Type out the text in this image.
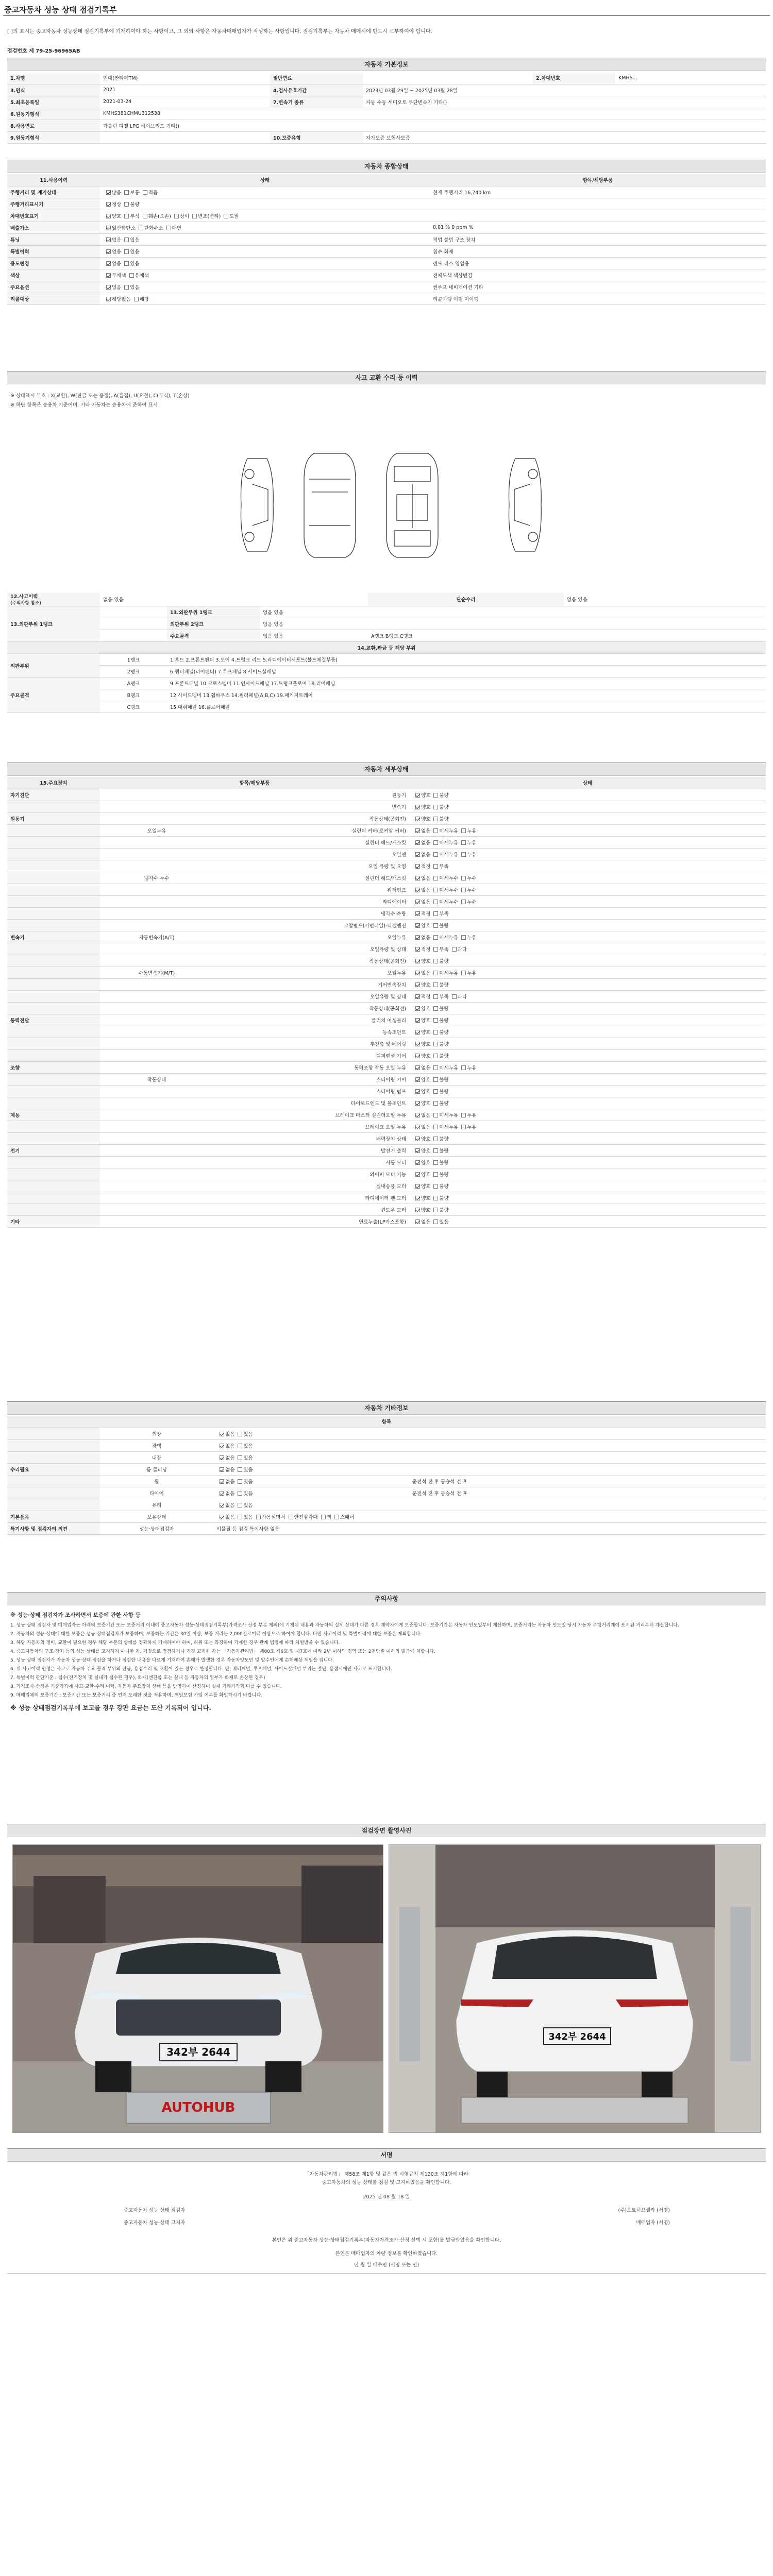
중고자동차 성능 상태 점검기록부
[ ]의 표시는 중고자동차 성능상태 점검기록부에 기재하여야 하는 사항이고, 그 외의 사항은 자동차매매업자가 작성하는 사항입니다. 점검기록부는 자동차 매매시에 반드시 교부하여야 합니다.
점검번호 제 79-25-96965AB
자동차 기본정보
1.차명	현대(싼타페TM)	일반연료		2.차대번호	KMHS...
3.연식	2021	4.검사유효기간	2023년 03월 29일 ~ 2025년 03월 28일		
5.최초등록일	2021-03-24	7.변속기 종류	자동 수동 세미오토 무단변속기 기타()		
6.원동기형식	KMHS381CHMU312538				
8.사용연료	가솔린 디젤 LPG 하이브리드 기타()				
9.원동기형식		10.보증유형	자가보증 보험사보증		
자동차 종합상태
11.사용이력	상태	항목/해당부품
주행거리 및 계기상태	많음 보통 적음	현재 주행거리 16,740 km
주행거리표시기	정상 불량	
차대번호표기	양호 부식 훼손(오손) 상이 변조(변타) 도말	
배출가스	일산화탄소 탄화수소 매연	0.01 % 0 ppm %
튜닝	없음 있음	적법 불법 구조 장치
특별이력	없음 있음	침수 화재
용도변경	없음 있음	렌트 리스 영업용
색상	무채색 유채색	전체도색 색상변경
주요옵션	없음 있음	썬루프 네비게이션 기타
리콜대상	해당없음 해당	리콜이행 이행 미이행
사고 교환 수리 등 이력
※ 상태표시 부호 : X(교환), W(판금 또는 용접), A(흠집), U(요철), C(부식), T(손상)
※ 하단 항목은 승용차 기준이며, 기타 자동차는 승용차에 준하여 표시
12.사고이력
(주의사항 참조)	없음 있음			단순수리	없음 있음
13.외판부위 1랭크		13.외판부위 1랭크	없음 있음		
		외판부위 2랭크	없음 있음		
		주요골격	없음 있음	A랭크 B랭크 C랭크	
14.교환,판금 등 해당 부위					
외판부위	1랭크	1.후드 2.프론트펜더 3.도어 4.트렁크 리드 5.라디에이터서포트(볼트체결부품)			
	2랭크	6.쿼터패널(리어펜더) 7.루프패널 8.사이드실패널			
주요골격	A랭크	9.프론트패널 10.크로스멤버 11.인사이드패널 17.트렁크플로어 18.리어패널			
	B랭크	12.사이드멤버 13.휠하우스 14.필러패널(A,B,C) 19.패키지트레이			
	C랭크	15.대쉬패널 16.플로어패널			
자동차 세부상태
15.주요장치	항목/해당부품		상태
자기진단		원동기	양호 불량
		변속기	양호 불량
원동기		작동상태(공회전)	양호 불량
	오일누유	실린더 커버(로커암 커버)	없음 미세누유 누유
		실린더 헤드/개스킷	없음 미세누유 누유
		오일팬	없음 미세누유 누유
		오일 유량 및 오염	적정 부족
	냉각수 누수	실린더 헤드/개스킷	없음 미세누수 누수
		워터펌프	없음 미세누수 누수
		라디에이터	없음 미세누수 누수
		냉각수 수량	적정 부족
		고압펌프(커먼레일)-디젤엔진	양호 불량
변속기	자동변속기(A/T)	오일누유	없음 미세누유 누유
		오일유량 및 상태	적정 부족 과다
		작동상태(공회전)	양호 불량
	수동변속기(M/T)	오일누유	없음 미세누유 누유
		기어변속장치	양호 불량
		오일유량 및 상태	적정 부족 과다
		작동상태(공회전)	양호 불량
동력전달		클러치 어셈블리	양호 불량
		등속조인트	양호 불량
		추진축 및 베어링	양호 불량
		디퍼렌셜 기어	양호 불량
조향		동력조향 작동 오일 누유	없음 미세누유 누유
	작동상태	스티어링 기어	양호 불량
		스티어링 펌프	양호 불량
		타이로드엔드 및 볼조인트	양호 불량
제동		브레이크 마스터 실린더오일 누유	없음 미세누유 누유
		브레이크 오일 누유	없음 미세누유 누유
		배력장치 상태	양호 불량
전기		발전기 출력	양호 불량
		시동 모터	양호 불량
		와이퍼 모터 기능	양호 불량
		실내송풍 모터	양호 불량
		라디에이터 팬 모터	양호 불량
		윈도우 모터	양호 불량
기타		연료누출(LP가스포함)	없음 있음
자동차 기타정보
항목			
	외장	없음 있음	
	광택	없음 있음	
	내장	없음 있음	
수리필요	룸 클리닝	없음 있음	
	휠	없음 있음	운전석 전 후 동승석 전 후
	타이어	없음 있음	운전석 전 후 동승석 전 후
	유리	없음 있음	
기본품목	보유상태	없음 있음 사용설명서 안전삼각대 잭 스패너	
특기사항 및 점검자의 의견	성능·상태점검자	이물질 등 점검 특이사항 없음	
주의사항
※ 성능·상태 점검자가 조사하면서 보증에 관한 사항 등

1. 성능·상태 점검자 및 매매업자는 아래의 보증기간 또는 보증거리 이내에 중고자동차 성능·상태점검기록부(가격조사·산정 부분 제외)에 기재된 내용과 자동차의 실제 상태가 다른 경우 계약자에게 보증합니다. 보증기간은 자동차 인도일부터 계산하며, 보증거리는 자동차 인도일 당시 자동차 주행거리계에 표시된 거리부터 계산합니다.

2. 자동차의 성능·상태에 대한 보증은 성능·상태점검자가 보증하며, 보증하는 기간은 30일 이상, 보증 거리는 2,000킬로미터 이상으로 하여야 합니다. 다만 사고이력 및 특별이력에 대한 보증은 제외합니다.

3. 해당 자동차의 정비, 교환이 필요한 경우 해당 부분의 상태를 정확하게 기재하여야 하며, 허위 또는 과장하여 기재한 경우 관계 법령에 따라 처벌받을 수 있습니다.

4. 중고자동차의 구조·장치 등의 성능·상태를 고지하지 아니한 자, 거짓으로 점검하거나 거짓 고지한 자는 「자동차관리법」 제80조 제6호 및 제7호에 따라 2년 이하의 징역 또는 2천만원 이하의 벌금에 처합니다.

5. 성능·상태 점검자가 자동차 성능·상태 점검을 하거나 점검한 내용을 다르게 기재하여 손해가 발생한 경우 자동차양도인 및 양수인에게 손해배상 책임을 집니다.

6. 위 사고이력 인정은 사고로 자동차 주요 골격 부위의 판금, 용접수리 및 교환이 있는 경우로 한정합니다. 단, 쿼터패널, 루프패널, 사이드실패널 부위는 절단, 용접시에만 사고로 표기합니다.

7. 특별이력 판단기준 : 침수(전기장치 및 실내가 침수된 경우), 화재(엔진룸 또는 실내 등 자동차의 일부가 화재로 손상된 경우)

8. 가격조사·산정은 기준가격에 사고·교환·수리 이력, 자동차 주요장치 상태 등을 반영하여 산정하며 실제 거래가격과 다를 수 있습니다.

9. 매매업체의 보증기간 : 보증기간 또는 보증거리 중 먼저 도래한 것을 적용하며, 책임보험 가입 여부를 확인하시기 바랍니다.

※ 성능 상태점검기록부에 보고를 경우 강판 요금는 도산 기록되어 입니다.
점검장면 촬영사진
342부 2644
AUTOHUB
342부 2644
서명
「자동차관리법」 제58조 제1항 및 같은 법 시행규칙 제120조 제1항에 따라
중고자동차의 성능·상태를 점검 및 고지하였음을 확인합니다.
2025 년 08 월 18 일
중고자동차 성능·상태 점검자	(주)오토허브셀카 (서명)
중고자동차 성능·상태 고지자	매매업자 (서명)
본인은 위 중고자동차 성능·상태점검기록부(자동차가격조사·산정 선택 시 포함)를 발급받았음을 확인합니다.
본인은 매매업자의 차량 정보를 확인하였습니다.
년 월 일 매수인 (서명 또는 인)
